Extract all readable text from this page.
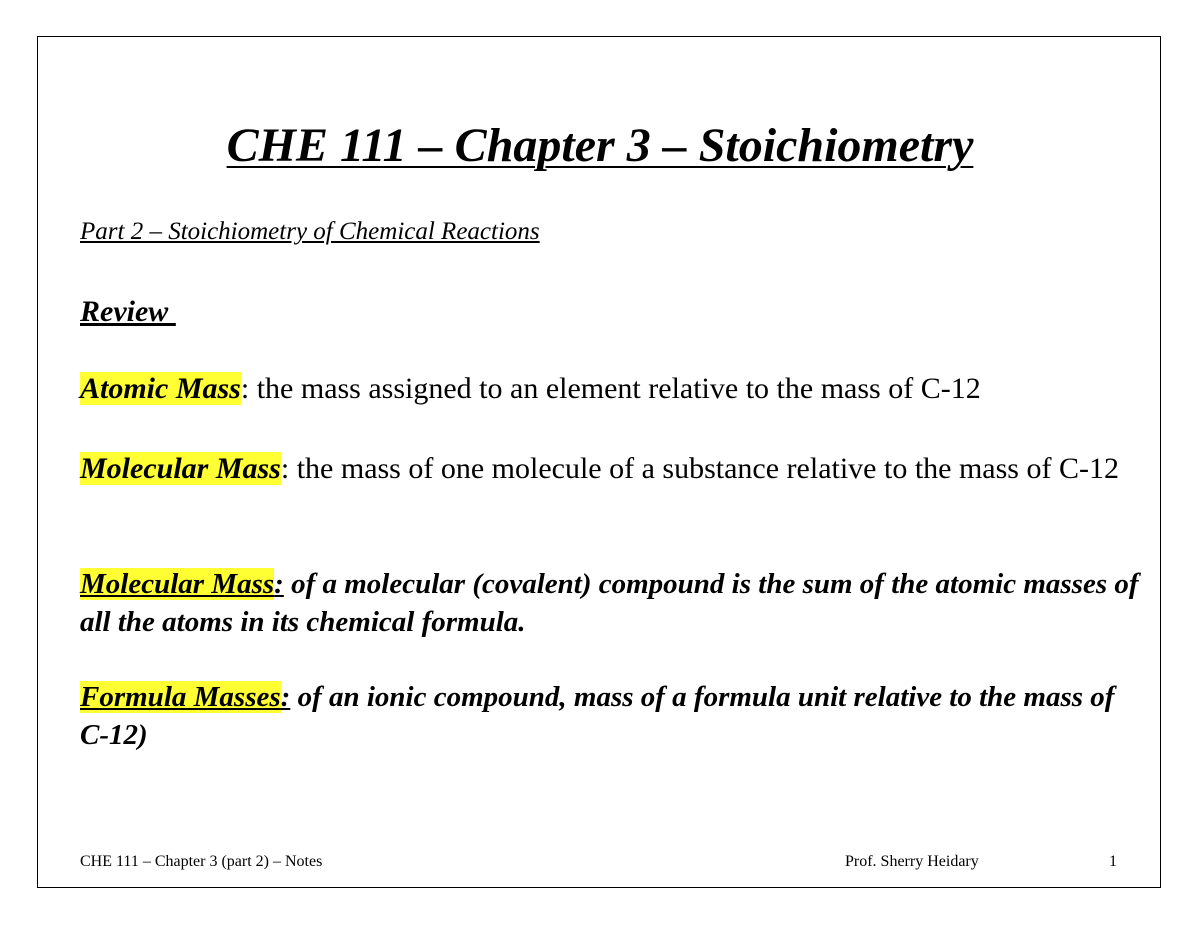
CHE 111 – Chapter 3 – Stoichiometry
Part 2 – Stoichiometry of Chemical Reactions
Review
Atomic Mass: the mass assigned to an element relative to the mass of C-12
Molecular Mass: the mass of one molecule of a substance relative to the mass of C-12
Molecular Mass: of a molecular (covalent) compound is the sum of the atomic masses of all the atoms in its chemical formula.
Formula Masses: of an ionic compound, mass of a formula unit relative to the mass of C-12)
CHE 111 – Chapter 3 (part 2) – Notes	Prof. Sherry Heidary	1
